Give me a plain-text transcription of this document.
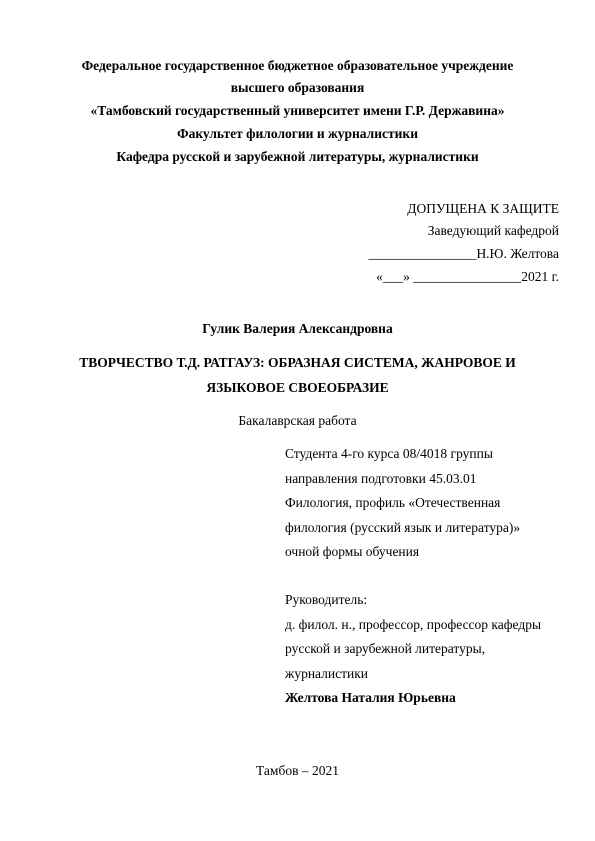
Федеральное государственное бюджетное образовательное учреждение
высшего образования
«Тамбовский государственный университет имени Г.Р. Державина»
Факультет филологии и журналистики
Кафедра русской и зарубежной литературы, журналистики
ДОПУЩЕНА К ЗАЩИТЕ
Заведующий кафедрой
________________Н.Ю. Желтова
«___» ________________2021 г.
Гулик Валерия Александровна
ТВОРЧЕСТВО Т.Д. РАТГАУЗ: ОБРАЗНАЯ СИСТЕМА, ЖАНРОВОЕ И
ЯЗЫКОВОЕ СВОЕОБРАЗИЕ
Бакалаврская работа
Студента 4-го курса 08/4018 группы
направления подготовки 45.03.01
Филология, профиль «Отечественная
филология (русский язык и литература)»
очной формы обучения
Руководитель:
д. филол. н., профессор, профессор кафедры
русской и зарубежной литературы,
журналистики
Желтова Наталия Юрьевна
Тамбов – 2021
